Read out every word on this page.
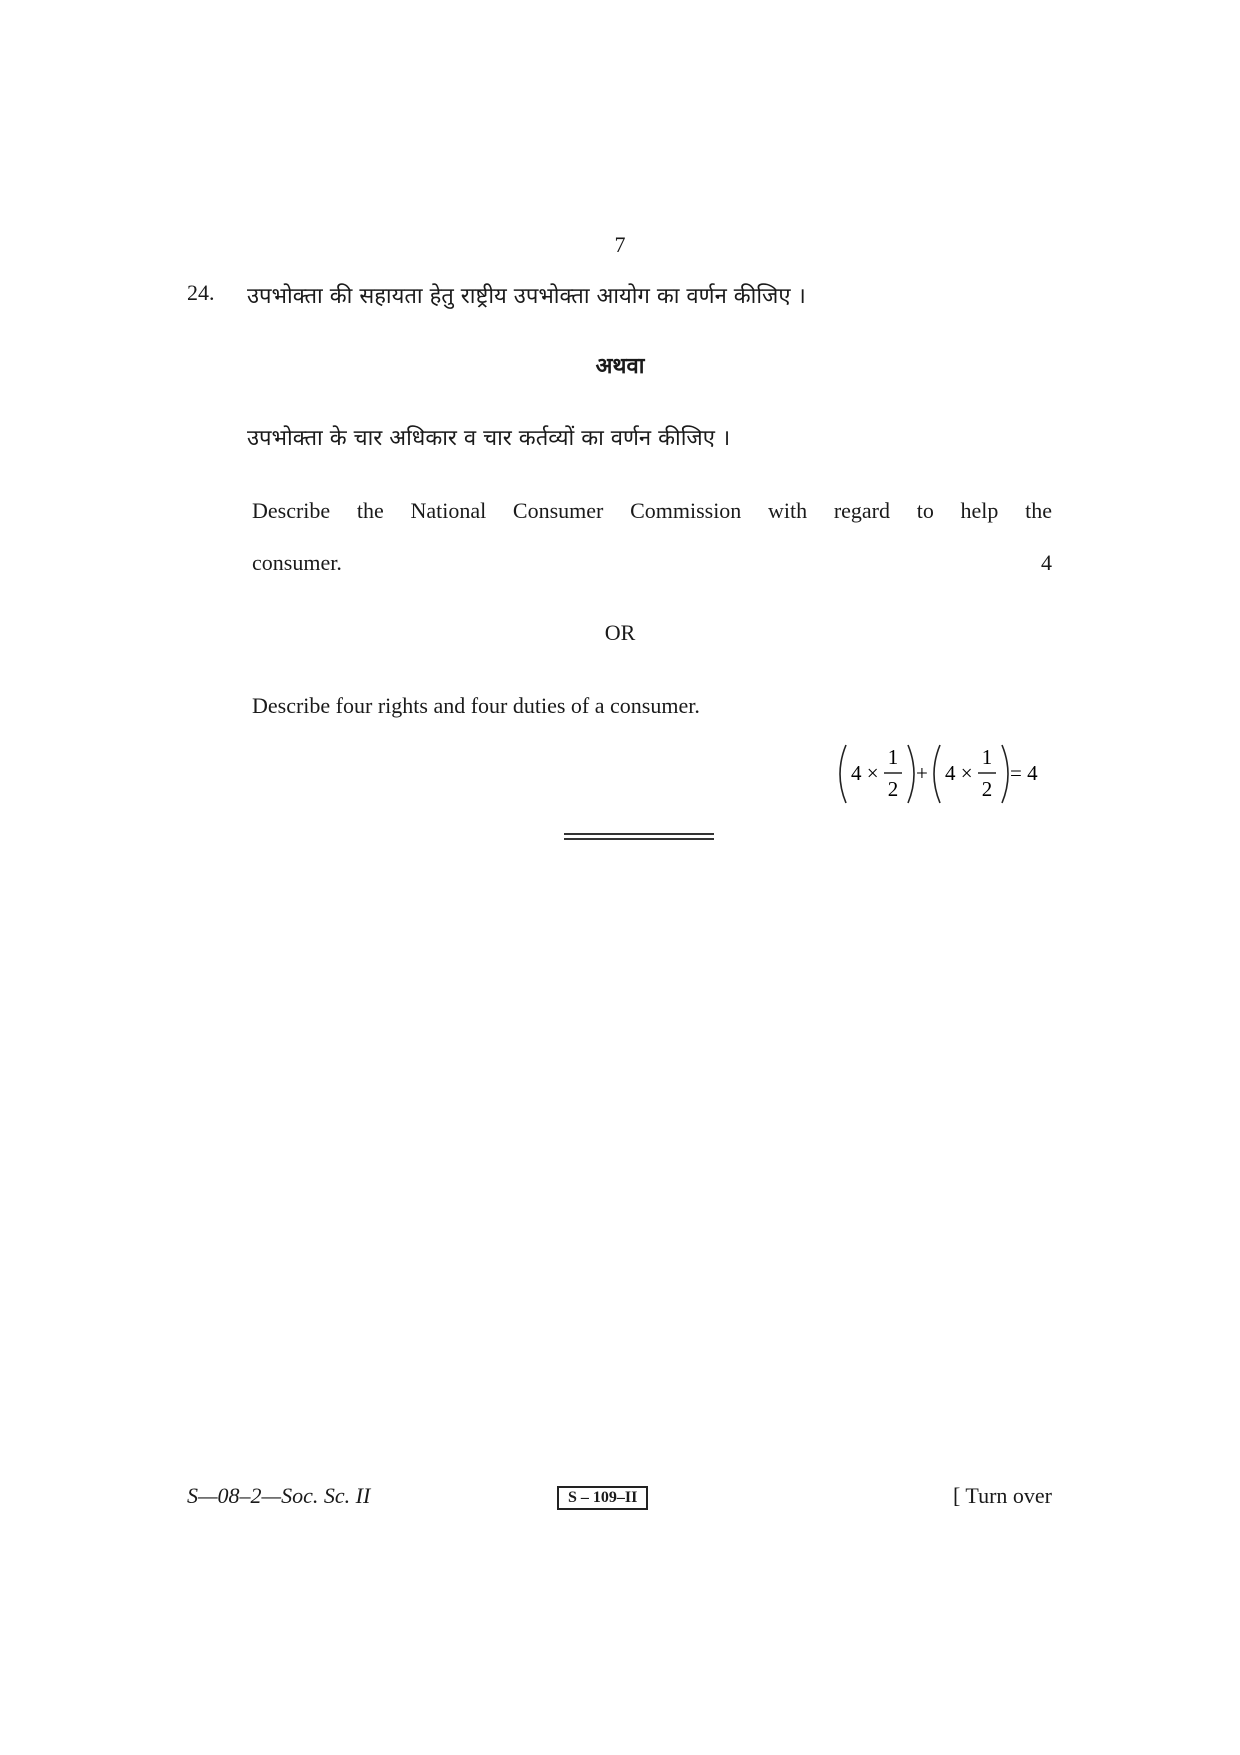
7
24. उपभोक्ता की सहायता हेतु राष्ट्रीय उपभोक्ता आयोग का वर्णन कीजिए ।
अथवा
उपभोक्ता के चार अधिकार व चार कर्तव्यों का वर्णन कीजिए ।
Describe the National Consumer Commission with regard to help the
consumer.	4
OR
Describe four rights and four duties of a consumer.
4 ×
1
2
+ 4 ×
1
2
= 4
S—08–2—Soc. Sc. II	S – 109–II	[ Turn over
